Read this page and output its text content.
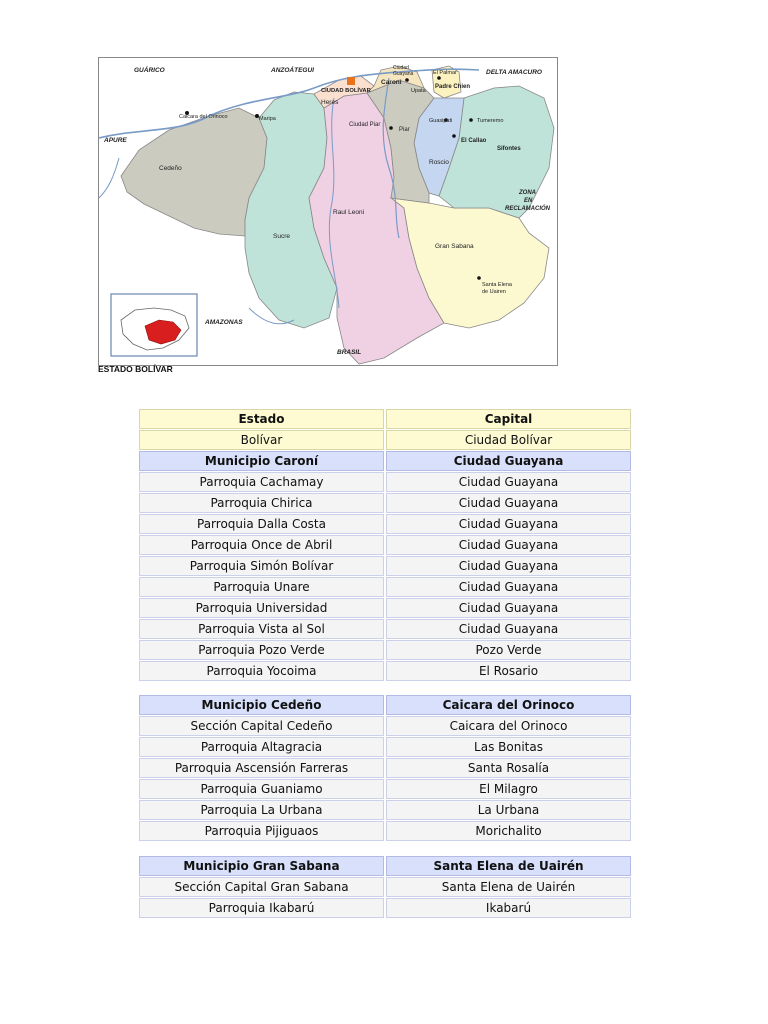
GUÁRICO	ANZOÁTEGUI	DELTA AMACURO
APURE
AMAZONAS
BRASIL
ZONA
EN
RECLAMACIÓN
Cedeño
Sucre
Raul Leoni
Gran Sabana
Heres
CIUDAD BOLÍVAR
Caroni
Ciudad Piar
Piar
Padre Chien
El Callao
Sifontes
Roscio
El Palmar
Tumeremo
Guasipati
Upata
Caicara del Orinoco	Maripa
Santa Elena
de Uairen
Ciudad
Guayana
ESTADO BOLÍVAR
Estado	Capital
Bolívar	Ciudad Bolívar
Municipio Caroní	Ciudad Guayana
Parroquia Cachamay	Ciudad Guayana
Parroquia Chirica	Ciudad Guayana
Parroquia Dalla Costa	Ciudad Guayana
Parroquia Once de Abril	Ciudad Guayana
Parroquia Simón Bolívar	Ciudad Guayana
Parroquia Unare	Ciudad Guayana
Parroquia Universidad	Ciudad Guayana
Parroquia Vista al Sol	Ciudad Guayana
Parroquia Pozo Verde	Pozo Verde
Parroquia Yocoima	El Rosario
Municipio Cedeño	Caicara del Orinoco
Sección Capital Cedeño	Caicara del Orinoco
Parroquia Altagracia	Las Bonitas
Parroquia Ascensión Farreras	Santa Rosalía
Parroquia Guaniamo	El Milagro
Parroquia La Urbana	La Urbana
Parroquia Pijiguaos	Morichalito
Municipio Gran Sabana	Santa Elena de Uairén
Sección Capital Gran Sabana	Santa Elena de Uairén
Parroquia Ikabarú	Ikabarú
